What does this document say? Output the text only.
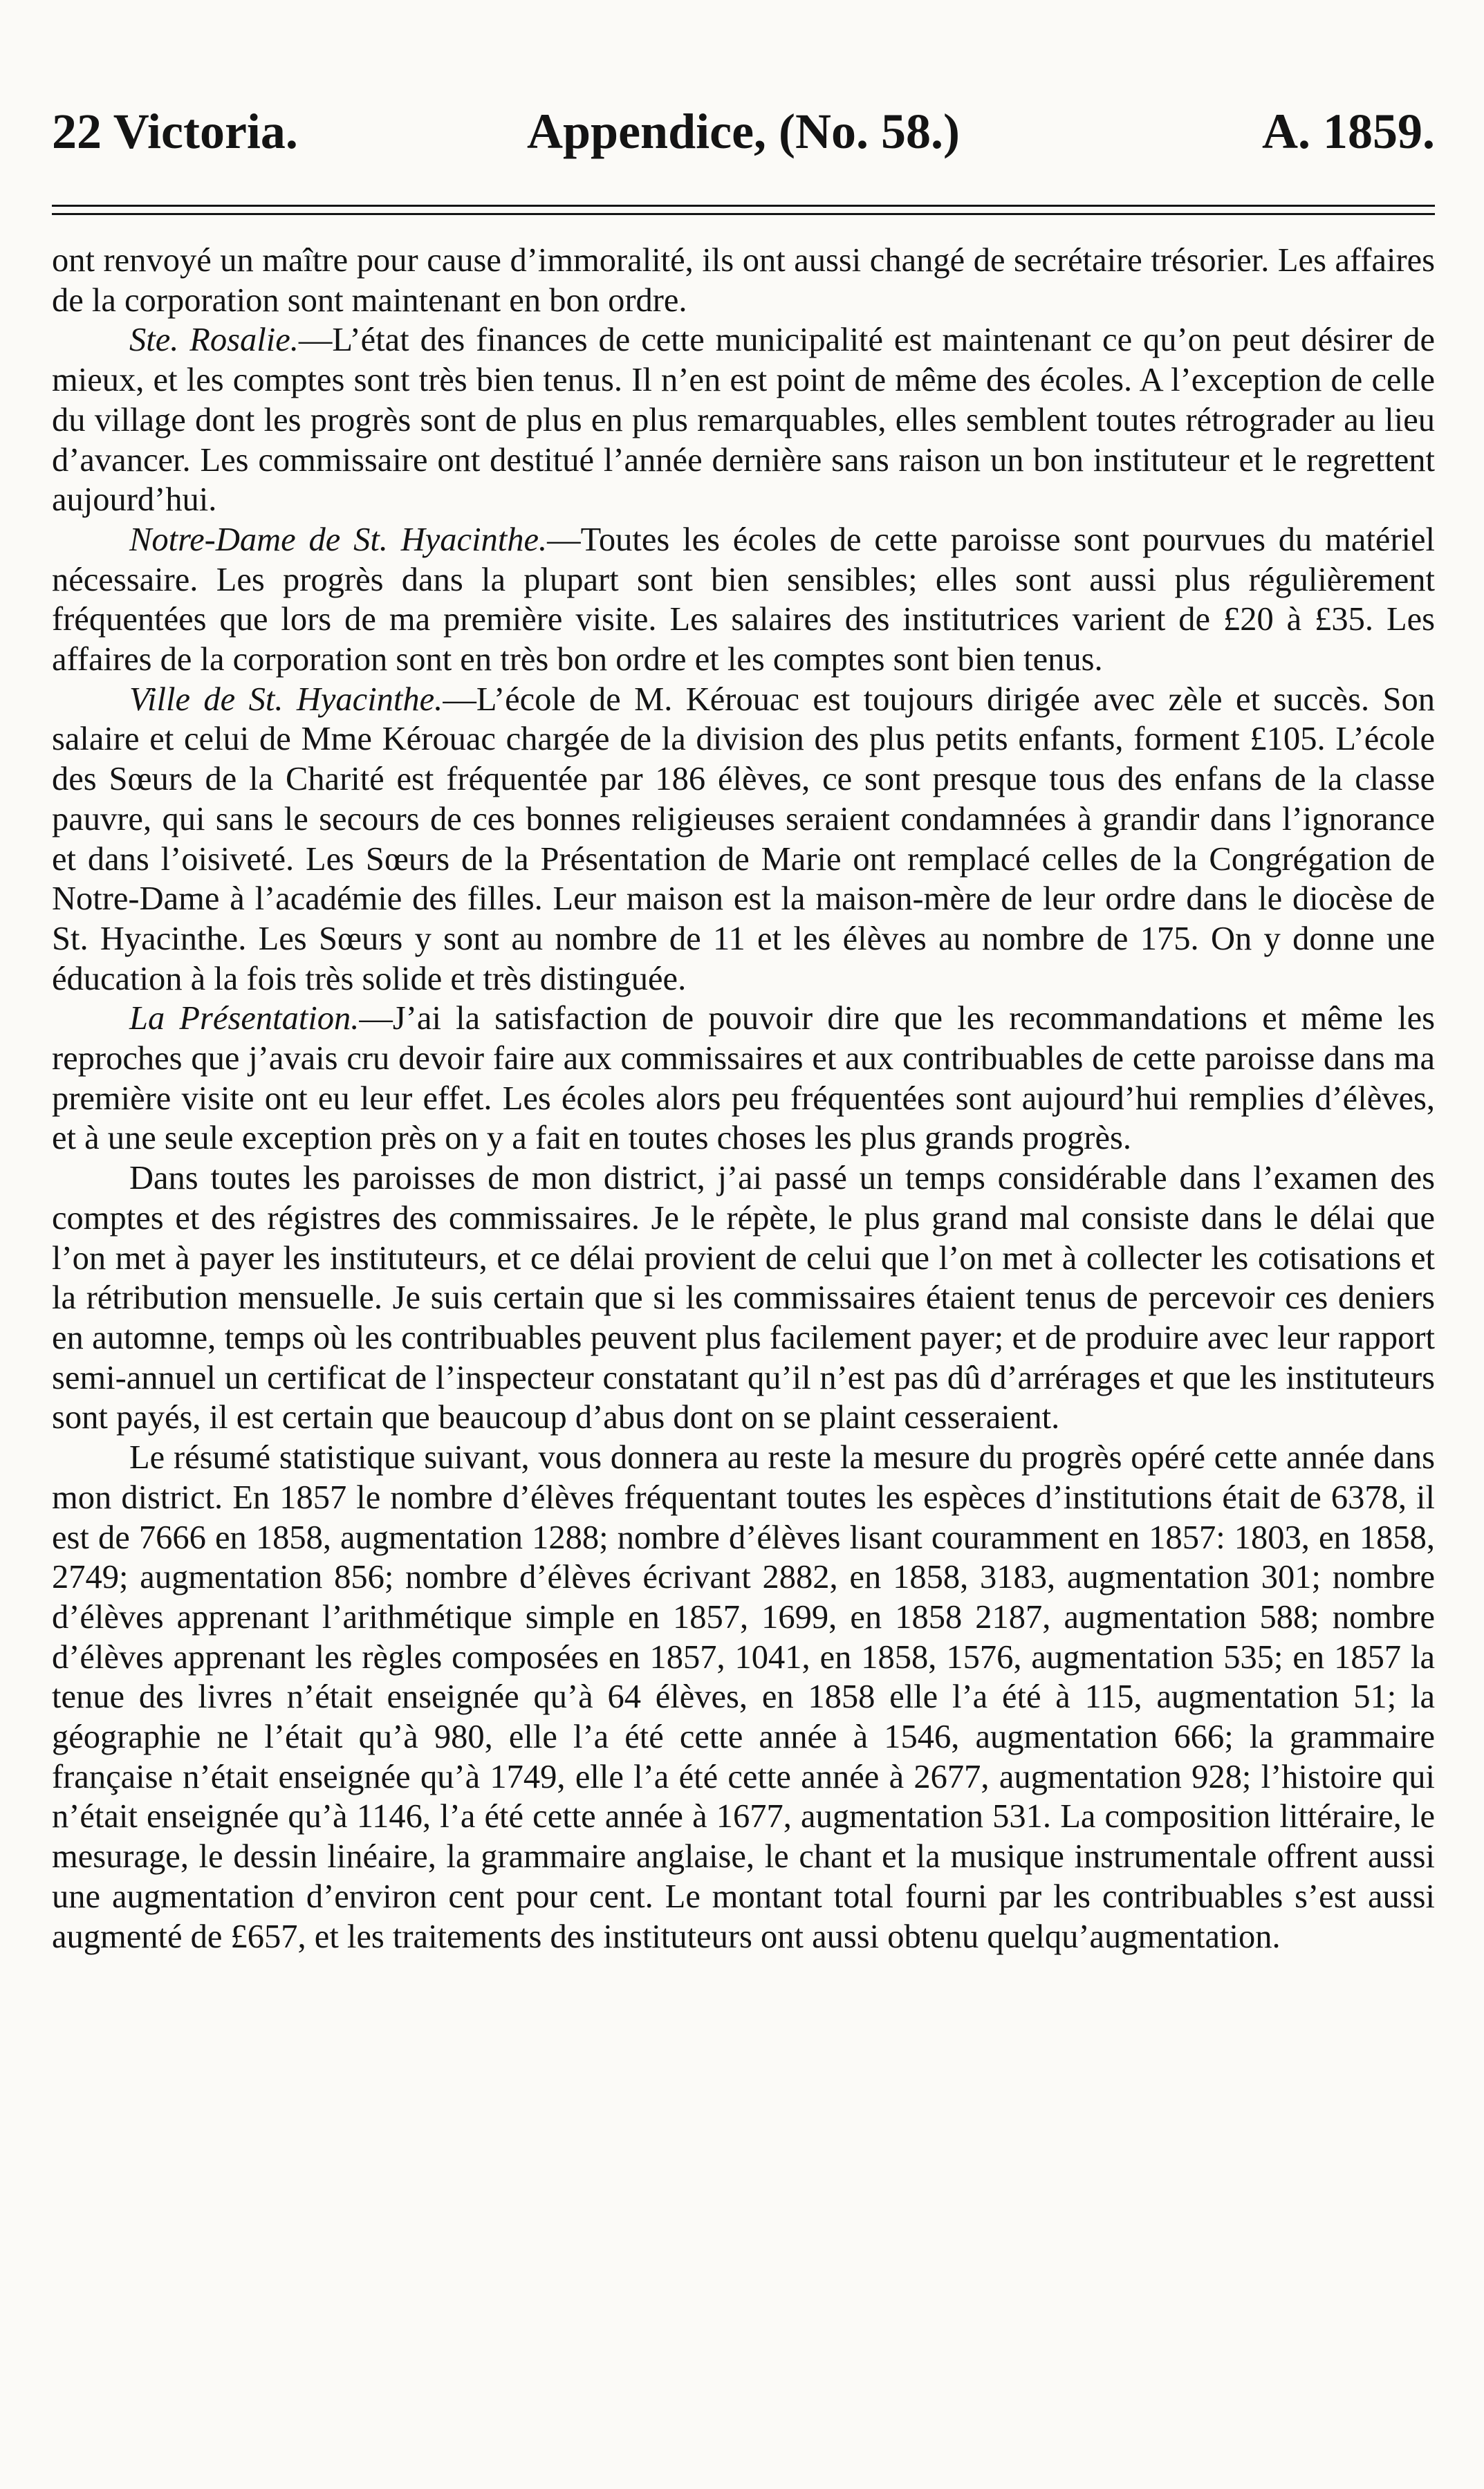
22 Victoria.	Appendice, (No. 58.)	A. 1859.

ont renvoyé un maître pour cause d’immoralité, ils ont aussi changé de secrétaire trésorier. Les affaires de la corporation sont maintenant en bon ordre.

Ste. Rosalie.—L’état des finances de cette municipalité est maintenant ce qu’on peut désirer de mieux, et les comptes sont très bien tenus. Il n’en est point de même des écoles. A l’exception de celle du village dont les progrès sont de plus en plus remarquables, elles semblent toutes rétrograder au lieu d’avancer. Les commissaire ont destitué l’année dernière sans raison un bon instituteur et le regrettent aujourd’hui.

Notre-Dame de St. Hyacinthe.—Toutes les écoles de cette paroisse sont pourvues du matériel nécessaire. Les progrès dans la plupart sont bien sensibles; elles sont aussi plus régulièrement fréquentées que lors de ma première visite. Les salaires des institutrices varient de £20 à £35. Les affaires de la corporation sont en très bon ordre et les comptes sont bien tenus.

Ville de St. Hyacinthe.—L’école de M. Kérouac est toujours dirigée avec zèle et succès. Son salaire et celui de Mme Kérouac chargée de la division des plus petits enfants, forment £105. L’école des Sœurs de la Charité est fréquentée par 186 élèves, ce sont presque tous des enfans de la classe pauvre, qui sans le secours de ces bonnes religieuses seraient condamnées à grandir dans l’ignorance et dans l’oisiveté. Les Sœurs de la Présentation de Marie ont remplacé celles de la Congrégation de Notre-Dame à l’académie des filles. Leur maison est la maison-mère de leur ordre dans le diocèse de St. Hyacinthe. Les Sœurs y sont au nombre de 11 et les élèves au nombre de 175. On y donne une éducation à la fois très solide et très distinguée.

La Présentation.—J’ai la satisfaction de pouvoir dire que les recommandations et même les reproches que j’avais cru devoir faire aux commissaires et aux contribuables de cette paroisse dans ma première visite ont eu leur effet. Les écoles alors peu fréquentées sont aujourd’hui remplies d’élèves, et à une seule exception près on y a fait en toutes choses les plus grands progrès.

Dans toutes les paroisses de mon district, j’ai passé un temps considérable dans l’examen des comptes et des régistres des commissaires. Je le répète, le plus grand mal consiste dans le délai que l’on met à payer les instituteurs, et ce délai provient de celui que l’on met à collecter les cotisations et la rétribution mensuelle. Je suis certain que si les commissaires étaient tenus de percevoir ces deniers en automne, temps où les contribuables peuvent plus facilement payer; et de produire avec leur rapport semi-annuel un certificat de l’inspecteur constatant qu’il n’est pas dû d’arrérages et que les instituteurs sont payés, il est certain que beaucoup d’abus dont on se plaint cesseraient.

Le résumé statistique suivant, vous donnera au reste la mesure du progrès opéré cette année dans mon district. En 1857 le nombre d’élèves fréquentant toutes les espèces d’institutions était de 6378, il est de 7666 en 1858, augmentation 1288; nombre d’élèves lisant couramment en 1857: 1803, en 1858, 2749; augmentation 856; nombre d’élèves écrivant 2882, en 1858, 3183, augmentation 301; nombre d’élèves apprenant l’arithmétique simple en 1857, 1699, en 1858 2187, augmentation 588; nombre d’élèves apprenant les règles composées en 1857, 1041, en 1858, 1576, augmentation 535; en 1857 la tenue des livres n’était enseignée qu’à 64 élèves, en 1858 elle l’a été à 115, augmentation 51; la géographie ne l’était qu’à 980, elle l’a été cette année à 1546, augmentation 666; la grammaire française n’était enseignée qu’à 1749, elle l’a été cette année à 2677, augmentation 928; l’histoire qui n’était enseignée qu’à 1146, l’a été cette année à 1677, augmentation 531. La composition littéraire, le mesurage, le dessin linéaire, la grammaire anglaise, le chant et la musique instrumentale offrent aussi une augmentation d’environ cent pour cent. Le montant total fourni par les contribuables s’est aussi augmenté de £657, et les traitements des instituteurs ont aussi obtenu quelqu’augmentation.
